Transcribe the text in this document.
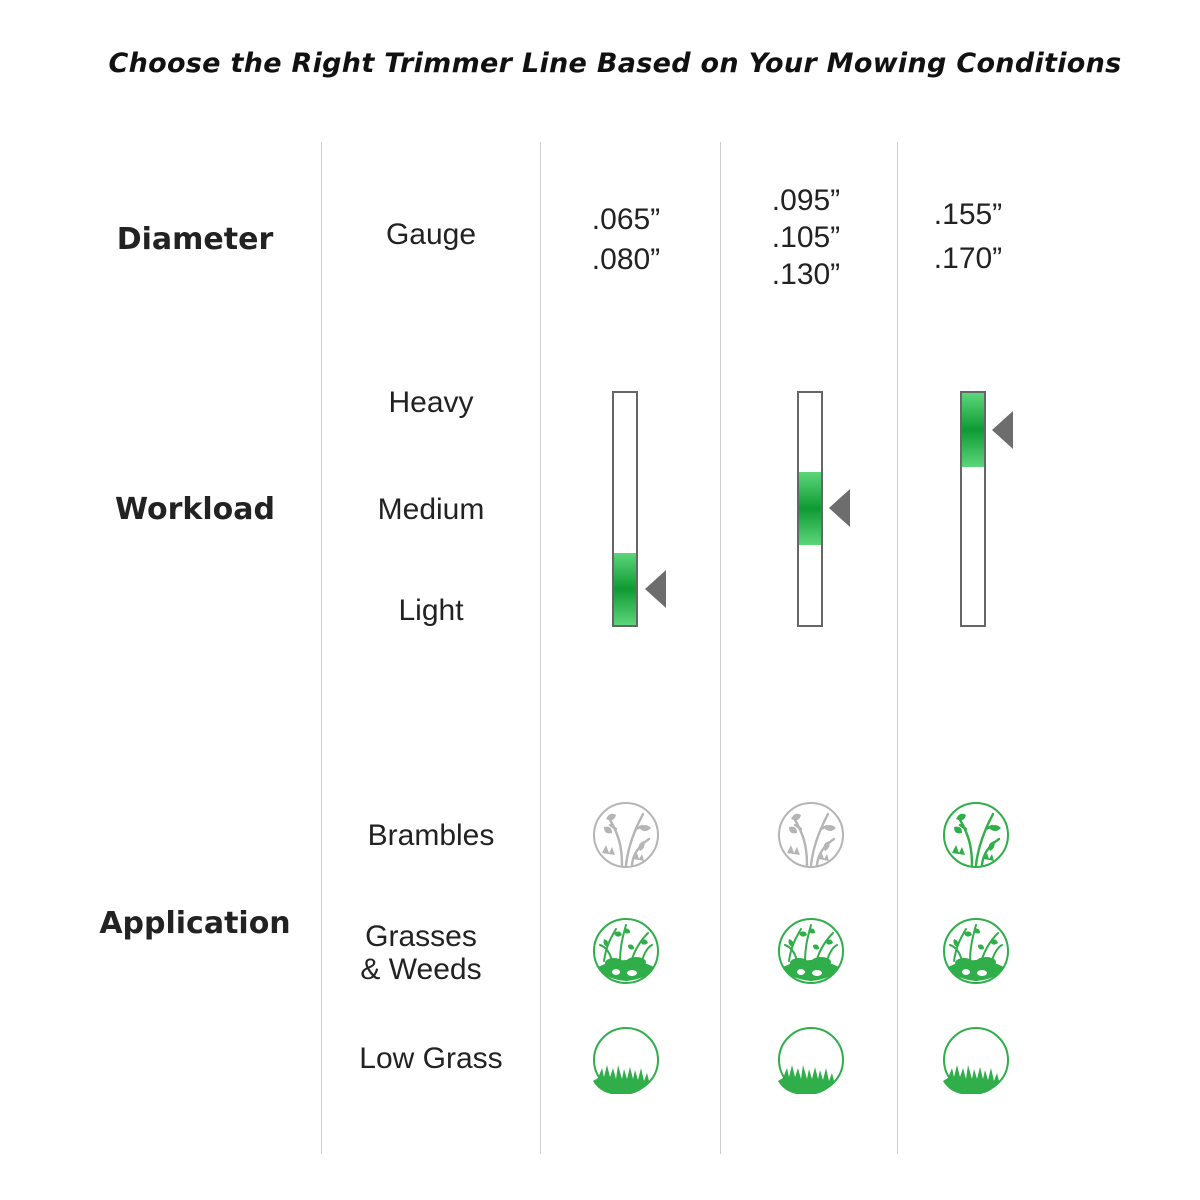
Choose the Right Trimmer Line Based on Your Mowing Conditions
Diameter
Workload
Application
Gauge
Heavy
Medium
Light
Brambles
Grasses
& Weeds
Low Grass
.065”
.080”
.095”
.105”
.130”
.155”
.170”
